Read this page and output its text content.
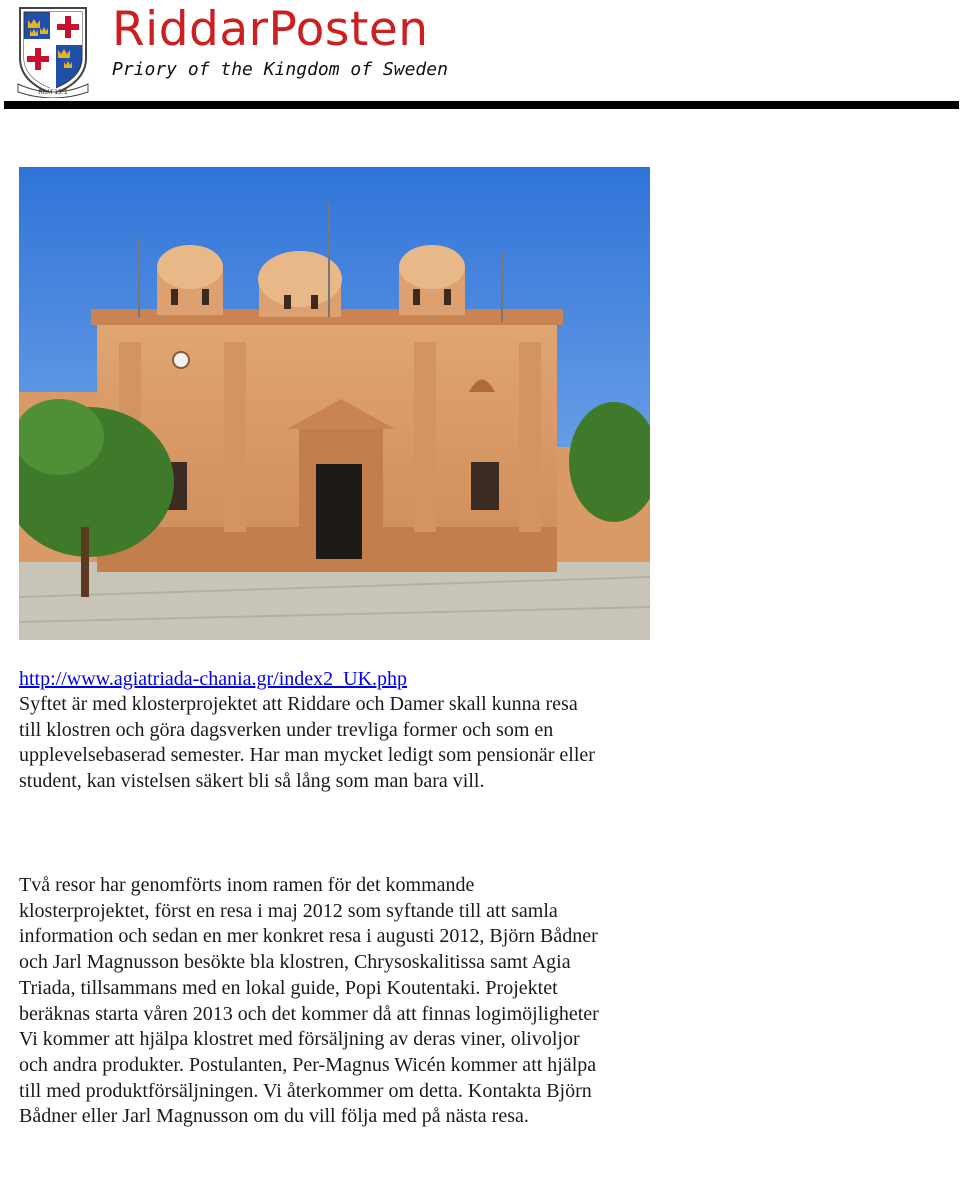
ROM 15:1
RiddarPosten
Priory of the Kingdom of Sweden
http://www.agiatriada-chania.gr/index2_UK.php

Syftet är med klosterprojektet att Riddare och Damer skall kunna resa till klostren och göra dagsverken under trevliga former och som en upplevelsebaserad semester. Har man mycket ledigt som pensionär eller student, kan vistelsen säkert bli så lång som man bara vill.

Två resor har genomförts inom ramen för det kommande klosterprojektet, först en resa i maj 2012 som syftande till att samla information och sedan en mer konkret resa i augusti 2012, Björn Bådner och Jarl Magnusson besökte bla klostren, Chrysoskalitissa samt Agia Triada, tillsammans med en lokal guide, Popi Koutentaki. Projektet beräknas starta våren 2013 och det kommer då att finnas logimöjligheter Vi kommer att hjälpa klostret med försäljning av deras viner, olivoljor och andra produkter. Postulanten, Per-Magnus Wicén kommer att hjälpa till med produktförsäljningen. Vi återkommer om detta. Kontakta Björn Bådner eller Jarl Magnusson om du vill följa med på nästa resa.
